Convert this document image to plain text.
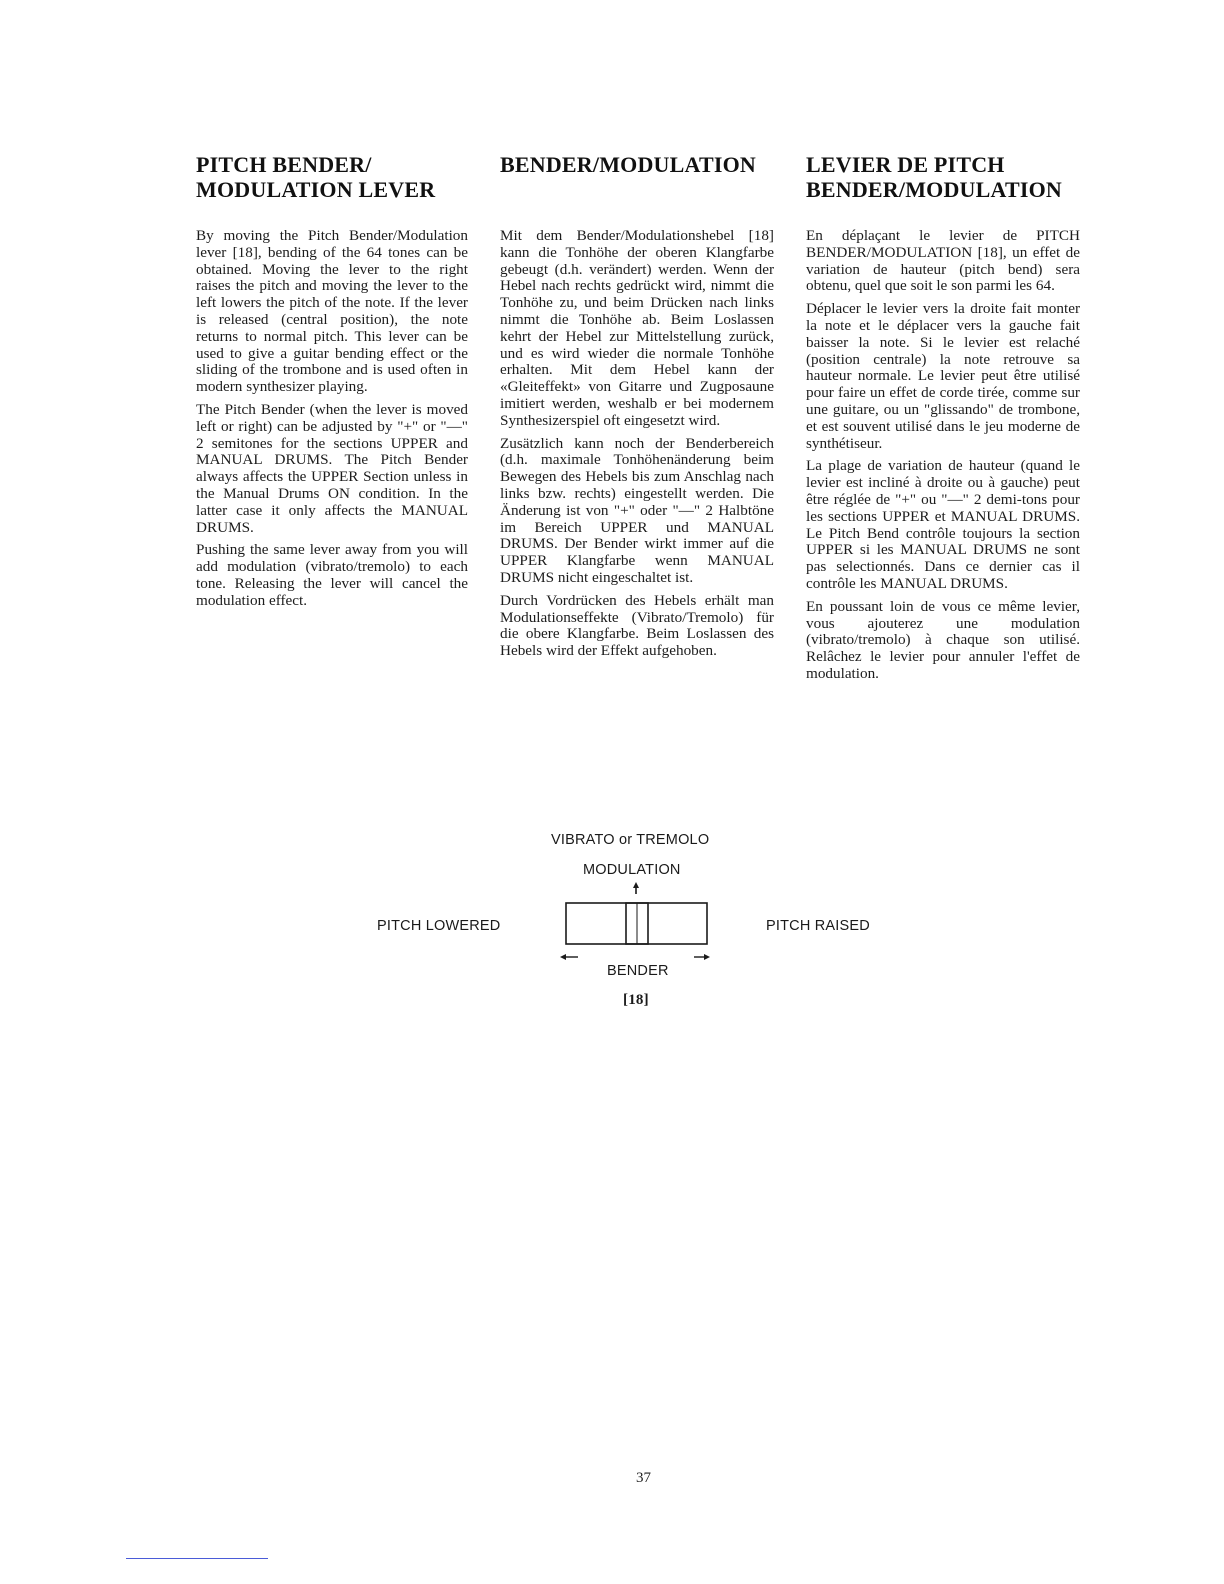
PITCH BENDER/
MODULATION LEVER

By moving the Pitch Bender/Modulation lever [18], bending of the 64 tones can be obtained. Moving the lever to the right raises the pitch and moving the lever to the left lowers the pitch of the note. If the lever is released (central position), the note returns to normal pitch. This lever can be used to give a guitar bending effect or the sliding of the trombone and is used often in modern synthesizer playing.

The Pitch Bender (when the lever is moved left or right) can be adjusted by "+" or "—" 2 semitones for the sections UPPER and MANUAL DRUMS. The Pitch Bender always affects the UPPER Section unless in the Manual Drums ON condition. In the latter case it only affects the MANUAL DRUMS.

Pushing the same lever away from you will add modulation (vibrato/tremolo) to each tone. Releasing the lever will cancel the modulation effect.

BENDER/MODULATION

Mit dem Bender/Modulationshebel [18] kann die Tonhöhe der oberen Klangfarbe gebeugt (d.h. verändert) werden. Wenn der Hebel nach rechts gedrückt wird, nimmt die Tonhöhe zu, und beim Drücken nach links nimmt die Tonhöhe ab. Beim Loslassen kehrt der Hebel zur Mittelstellung zurück, und es wird wieder die normale Tonhöhe erhalten. Mit dem Hebel kann der «Gleiteffekt» von Gitarre und Zugposaune imitiert werden, weshalb er bei modernem Synthesizerspiel oft eingesetzt wird.

Zusätzlich kann noch der Benderbereich (d.h. maximale Tonhöhenänderung beim Bewegen des Hebels bis zum Anschlag nach links bzw. rechts) eingestellt werden. Die Änderung ist von "+" oder "—" 2 Halbtöne im Bereich UPPER und MANUAL DRUMS. Der Bender wirkt immer auf die UPPER Klangfarbe wenn MANUAL DRUMS nicht eingeschaltet ist.

Durch Vordrücken des Hebels erhält man Modulationseffekte (Vibrato/Tremolo) für die obere Klangfarbe. Beim Loslassen des Hebels wird der Effekt aufgehoben.

LEVIER DE PITCH
BENDER/MODULATION

En déplaçant le levier de PITCH BENDER/MODULATION [18], un effet de variation de hauteur (pitch bend) sera obtenu, quel que soit le son parmi les 64.

Déplacer le levier vers la droite fait monter la note et le déplacer vers la gauche fait baisser la note. Si le levier est relaché (position centrale) la note retrouve sa hauteur normale. Le levier peut être utilisé pour faire un effet de corde tirée, comme sur une guitare, ou un "glissando" de trombone, et est souvent utilisé dans le jeu moderne de synthétiseur.

La plage de variation de hauteur (quand le levier est incliné à droite ou à gauche) peut être réglée de "+" ou "—" 2 demi-tons pour les sections UPPER et MANUAL DRUMS. Le Pitch Bend contrôle toujours la section UPPER si les MANUAL DRUMS ne sont pas selectionnés. Dans ce dernier cas il contrôle les MANUAL DRUMS.

En poussant loin de vous ce même levier, vous ajouterez une modulation (vibrato/tremolo) à chaque son utilisé. Relâchez le levier pour annuler l'effet de modulation.

VIBRATO or TREMOLO
MODULATION
PITCH LOWERED	PITCH RAISED
BENDER
[18]
37
